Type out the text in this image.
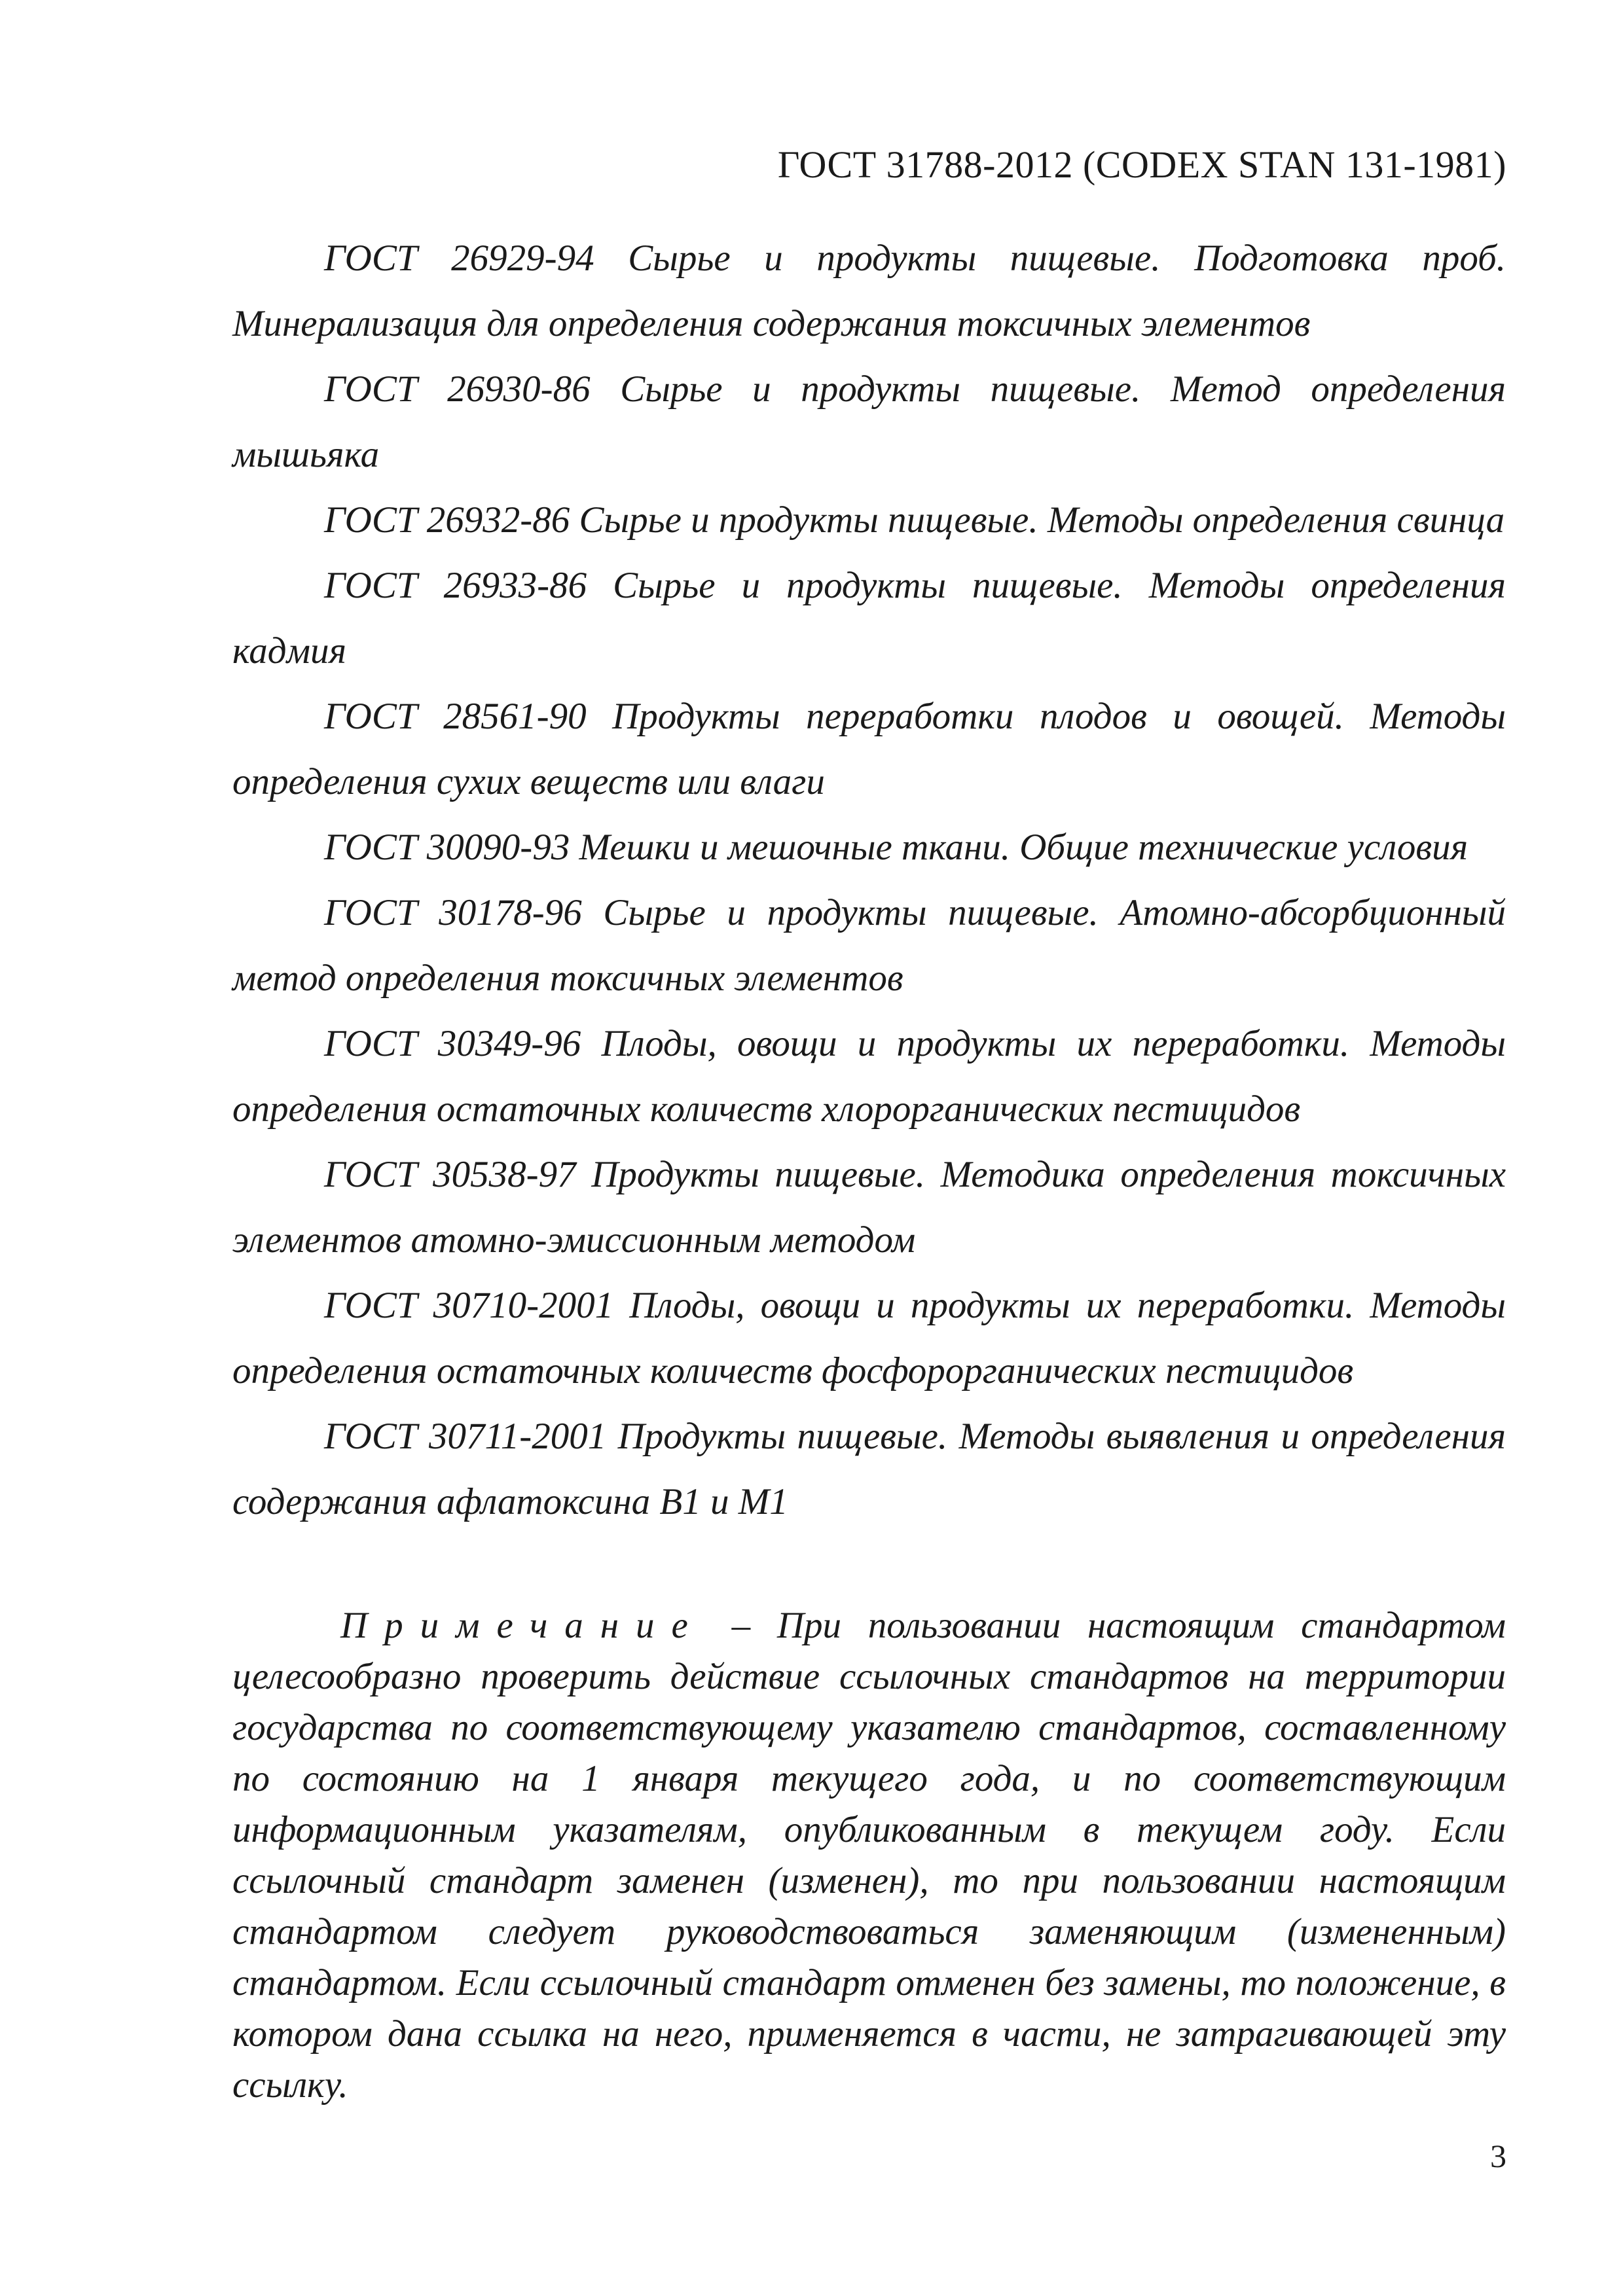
ГОСТ 31788-2012 (CODEX STAN 131-1981)

ГОСТ 26929-94 Сырье и продукты пищевые. Подготовка проб. Минерализация для определения содержания токсичных элементов

ГОСТ 26930-86 Сырье и продукты пищевые. Метод определения мышьяка

ГОСТ 26932-86 Сырье и продукты пищевые. Методы определения свинца

ГОСТ 26933-86 Сырье и продукты пищевые. Методы определения кадмия

ГОСТ 28561-90 Продукты переработки плодов и овощей. Методы определения сухих веществ или влаги

ГОСТ 30090-93 Мешки и мешочные ткани. Общие технические условия

ГОСТ 30178-96 Сырье и продукты пищевые. Атомно-абсорбционный метод определения токсичных элементов

ГОСТ 30349-96 Плоды, овощи и продукты их переработки. Методы определения остаточных количеств хлорорганических пестицидов

ГОСТ 30538-97 Продукты пищевые. Методика определения токсичных элементов атомно-эмиссионным методом

ГОСТ 30710-2001 Плоды, овощи и продукты их переработки. Методы определения остаточных количеств фосфорорганических пестицидов

ГОСТ 30711-2001 Продукты пищевые. Методы выявления и определения содержания афлатоксина В1 и М1

Примечание – При пользовании настоящим стандартом целесообразно проверить действие ссылочных стандартов на территории государства по соответствующему указателю стандартов, составленному по состоянию на 1 января текущего года, и по соответствующим информационным указателям, опубликованным в текущем году. Если ссылочный стандарт заменен (изменен), то при пользовании настоящим стандартом следует руководствоваться заменяющим (измененным) стандартом. Если ссылочный стандарт отменен без замены, то положение, в котором дана ссылка на него, применяется в части, не затрагивающей эту ссылку.
3
